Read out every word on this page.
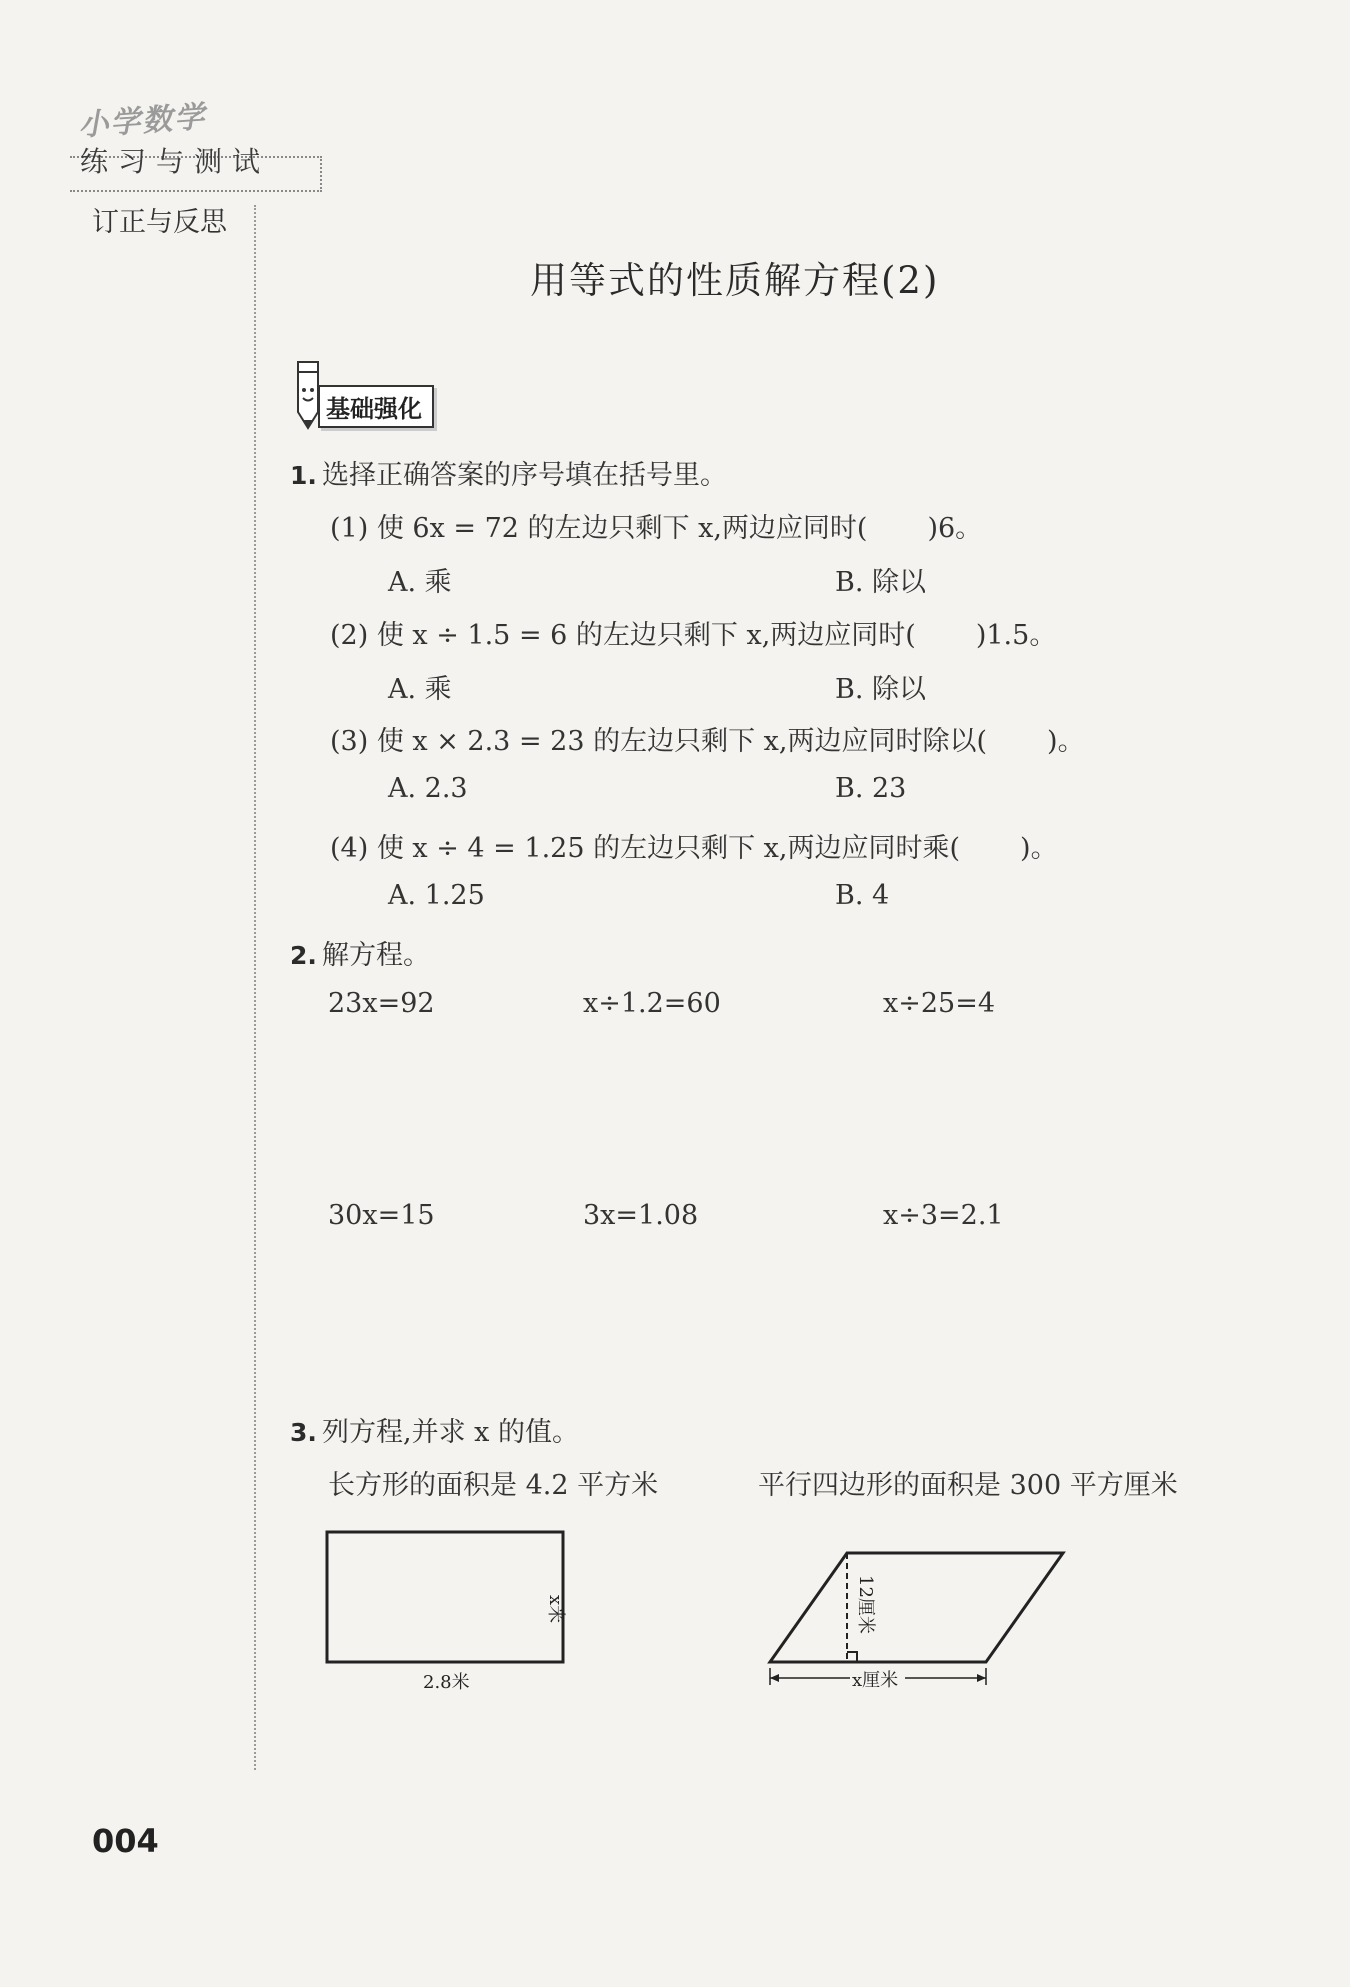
小学数学
练习与测试
订正与反思
用等式的性质解方程(2)
基础强化
1. 选择正确答案的序号填在括号里。
(1) 使 6x = 72 的左边只剩下 x,两边应同时( )6。
A. 乘	B. 除以
(2) 使 x ÷ 1.5 = 6 的左边只剩下 x,两边应同时( )1.5。
A. 乘	B. 除以
(3) 使 x × 2.3 = 23 的左边只剩下 x,两边应同时除以( )。
A. 2.3	B. 23
(4) 使 x ÷ 4 = 1.25 的左边只剩下 x,两边应同时乘( )。
A. 1.25	B. 4
2. 解方程。
23x=92	x÷1.2=60	x÷25=4
30x=15	3x=1.08	x÷3=2.1
3. 列方程,并求 x 的值。
长方形的面积是 4.2 平方米	平行四边形的面积是 300 平方厘米
2.8米
x米
x厘米
12厘米
004
